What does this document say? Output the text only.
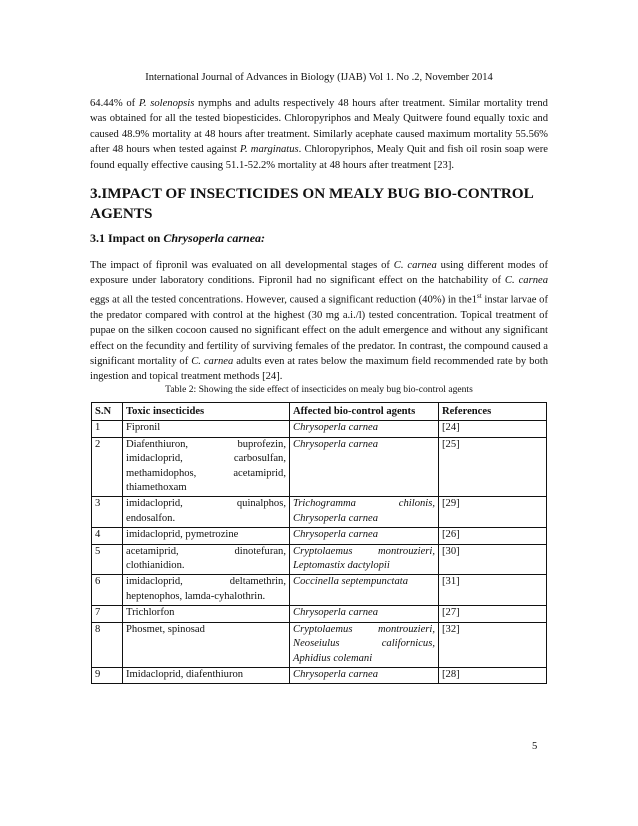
International Journal of Advances in Biology (IJAB) Vol 1. No .2, November 2014

64.44% of P. solenopsis nymphs and adults respectively 48 hours after treatment. Similar mortality trend was obtained for all the tested biopesticides. Chloropyriphos and Mealy Quitwere found equally toxic and caused 48.9% mortality at 48 hours after treatment. Similarly acephate caused maximum mortality 55.56% after 48 hours when tested against P. marginatus. Chloropyriphos, Mealy Quit and fish oil rosin soap were found equally effective causing 51.1-52.2% mortality at 48 hours after treatment [23].

3.IMPACT OF INSECTICIDES ON MEALY BUG BIO-CONTROL AGENTS
3.1 Impact on Chrysoperla carnea:

The impact of fipronil was evaluated on all developmental stages of C. carnea using different modes of exposure under laboratory conditions. Fipronil had no significant effect on the hatchability of C. carnea eggs at all the tested concentrations. However, caused a significant reduction (40%) in the1st instar larvae of the predator compared with control at the highest (30 mg a.i./l) tested concentration. Topical treatment of pupae on the silken cocoon caused no significant effect on the adult emergence and without any significant effect on the fecundity and fertility of surviving females of the predator. In contrast, the compound caused a significant mortality of C. carnea adults even at rates below the maximum field recommended rate by both ingestion and topical treatment methods [24].

Table 2: Showing the side effect of insecticides on mealy bug bio-control agents
S.N	Toxic insecticides	Affected bio-control agents	References
1	Fipronil	Chrysoperla carnea	[24]
2	Diafenthiuron, buprofezin, imidacloprid, carbosulfan, methamidophos, acetamiprid, thiamethoxam	Chrysoperla carnea	[25]
3	imidacloprid, quinalphos, endosalfon.	Trichogramma chilonis, Chrysoperla carnea	[29]
4	imidacloprid, pymetrozine	Chrysoperla carnea	[26]
5	acetamiprid, dinotefuran, clothianidion.	Cryptolaemus montrouzieri, Leptomastix dactylopii	[30]
6	imidacloprid, deltamethrin, heptenophos, lamda-cyhalothrin.	Coccinella septempunctata	[31]
7	Trichlorfon	Chrysoperla carnea	[27]
8	Phosmet, spinosad	Cryptolaemus montrouzieri, Neoseiulus californicus, Aphidius colemani	[32]
9	Imidacloprid, diafenthiuron	Chrysoperla carnea	[28]
5
